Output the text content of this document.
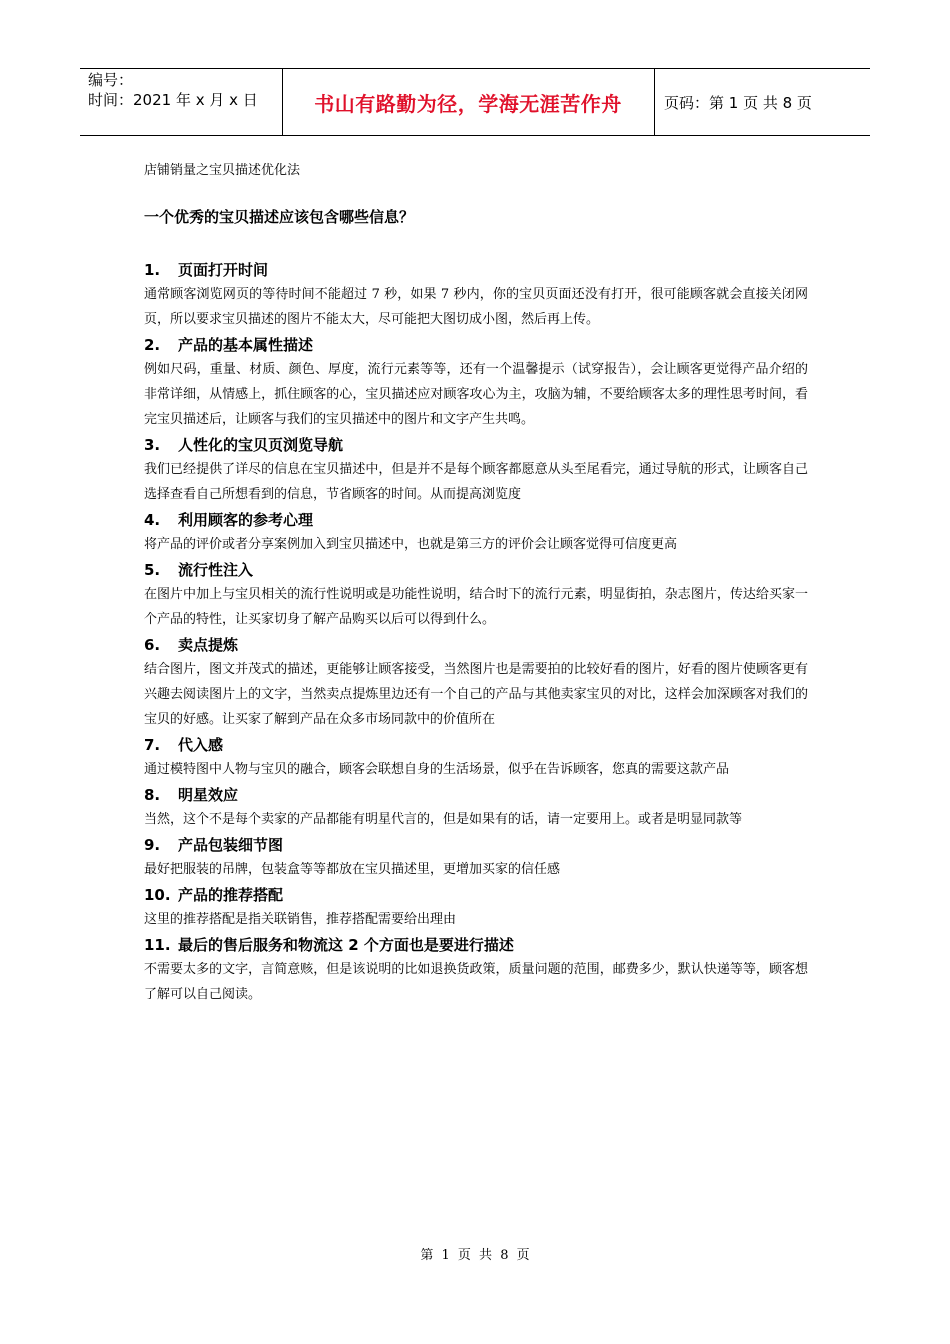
编号：
时间：2021 年 x 月 x 日	书山有路勤为径，学海无涯苦作舟	页码：第 1 页 共 8 页

店铺销量之宝贝描述优化法

一个优秀的宝贝描述应该包含哪些信息？

1. 页面打开时间

通常顾客浏览网页的等待时间不能超过 7 秒，如果 7 秒内，你的宝贝页面还没有打开，很可能顾客就会直接关闭网页，所以要求宝贝描述的图片不能太大，尽可能把大图切成小图，然后再上传。

2. 产品的基本属性描述

例如尺码，重量、材质、颜色、厚度，流行元素等等，还有一个温馨提示（试穿报告），会让顾客更觉得产品介绍的非常详细，从情感上，抓住顾客的心，宝贝描述应对顾客攻心为主，攻脑为辅，不要给顾客太多的理性思考时间，看完宝贝描述后，让顾客与我们的宝贝描述中的图片和文字产生共鸣。

3. 人性化的宝贝页浏览导航

我们已经提供了详尽的信息在宝贝描述中，但是并不是每个顾客都愿意从头至尾看完，通过导航的形式，让顾客自己选择查看自己所想看到的信息，节省顾客的时间。从而提高浏览度

4. 利用顾客的参考心理

将产品的评价或者分享案例加入到宝贝描述中，也就是第三方的评价会让顾客觉得可信度更高

5. 流行性注入

在图片中加上与宝贝相关的流行性说明或是功能性说明，结合时下的流行元素，明显街拍，杂志图片，传达给买家一个产品的特性，让买家切身了解产品购买以后可以得到什么。

6. 卖点提炼

结合图片，图文并茂式的描述，更能够让顾客接受，当然图片也是需要拍的比较好看的图片，好看的图片使顾客更有兴趣去阅读图片上的文字，当然卖点提炼里边还有一个自己的产品与其他卖家宝贝的对比，这样会加深顾客对我们的宝贝的好感。让买家了解到产品在众多市场同款中的价值所在

7. 代入感

通过模特图中人物与宝贝的融合，顾客会联想自身的生活场景，似乎在告诉顾客，您真的需要这款产品

8. 明星效应

当然，这个不是每个卖家的产品都能有明星代言的，但是如果有的话，请一定要用上。或者是明显同款等

9. 产品包装细节图

最好把服装的吊牌，包装盒等等都放在宝贝描述里，更增加买家的信任感

10. 产品的推荐搭配

这里的推荐搭配是指关联销售，推荐搭配需要给出理由

11. 最后的售后服务和物流这 2 个方面也是要进行描述

不需要太多的文字，言简意赅，但是该说明的比如退换货政策，质量问题的范围，邮费多少，默认快递等等，顾客想了解可以自己阅读。

第 1 页 共 8 页
